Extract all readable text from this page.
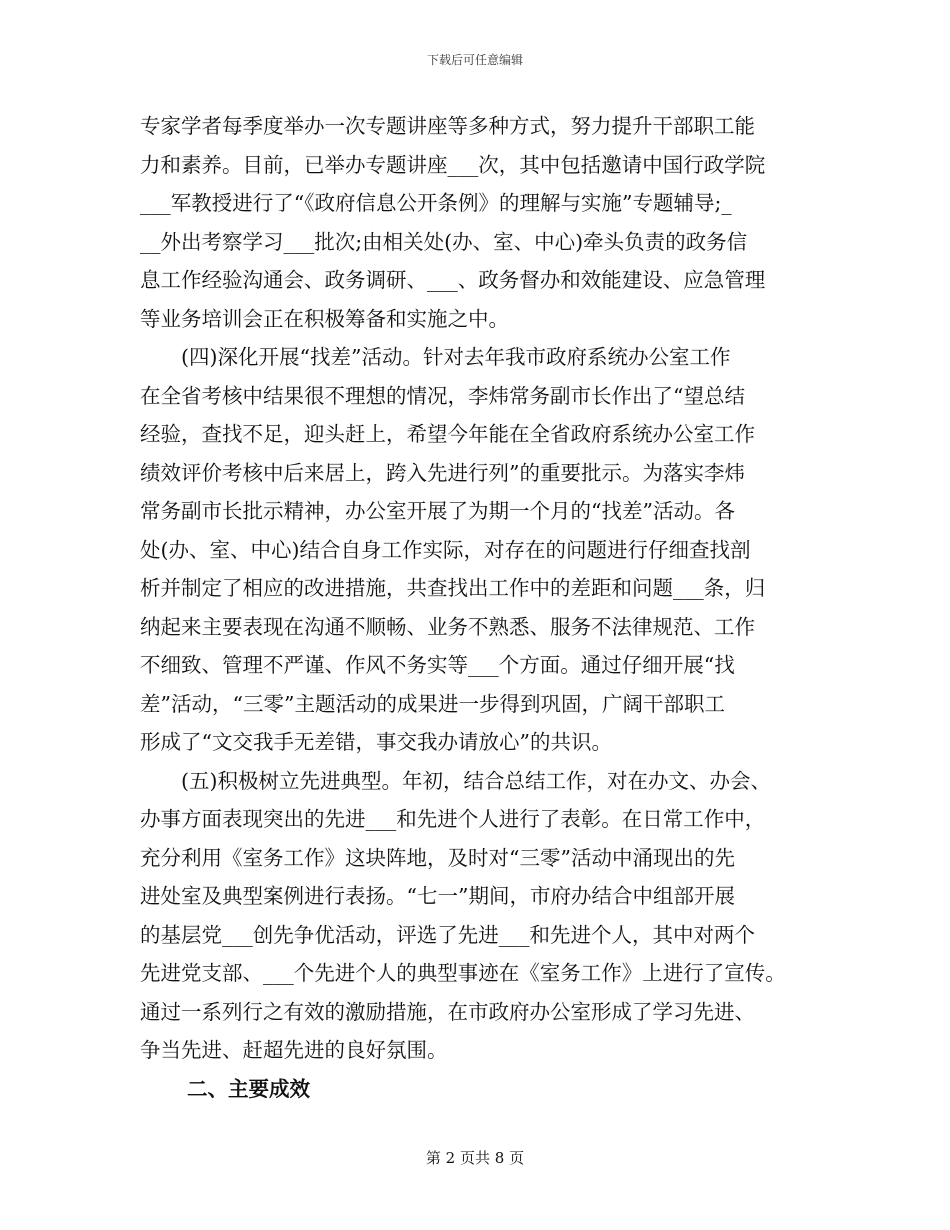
下载后可任意编辑
专家学者每季度举办一次专题讲座等多种方式，努力提升干部职工能
力和素养。目前，已举办专题讲座___次，其中包括邀请中国行政学院
___军教授进行了“《政府信息公开条例》的理解与实施”专题辅导;_
__外出考察学习___批次;由相关处(办、室、中心)牵头负责的政务信
息工作经验沟通会、政务调研、___、政务督办和效能建设、应急管理
等业务培训会正在积极筹备和实施之中。
　　(四)深化开展“找差”活动。针对去年我市政府系统办公室工作
在全省考核中结果很不理想的情况，李炜常务副市长作出了“望总结
经验，查找不足，迎头赶上，希望今年能在全省政府系统办公室工作
绩效评价考核中后来居上，跨入先进行列”的重要批示。为落实李炜
常务副市长批示精神，办公室开展了为期一个月的“找差”活动。各
处(办、室、中心)结合自身工作实际，对存在的问题进行仔细查找剖
析并制定了相应的改进措施，共查找出工作中的差距和问题___条，归
纳起来主要表现在沟通不顺畅、业务不熟悉、服务不法律规范、工作
不细致、管理不严谨、作风不务实等___个方面。通过仔细开展“找
差”活动，“三零”主题活动的成果进一步得到巩固，广阔干部职工
形成了“文交我手无差错，事交我办请放心”的共识。
　　(五)积极树立先进典型。年初，结合总结工作，对在办文、办会、
办事方面表现突出的先进___和先进个人进行了表彰。在日常工作中，
充分利用《室务工作》这块阵地，及时对“三零”活动中涌现出的先
进处室及典型案例进行表扬。“七一”期间，市府办结合中组部开展
的基层党___创先争优活动，评选了先进___和先进个人，其中对两个
先进党支部、___个先进个人的典型事迹在《室务工作》上进行了宣传。
通过一系列行之有效的激励措施，在市政府办公室形成了学习先进、
争当先进、赶超先进的良好氛围。
二、主要成效
第 2 页共 8 页
